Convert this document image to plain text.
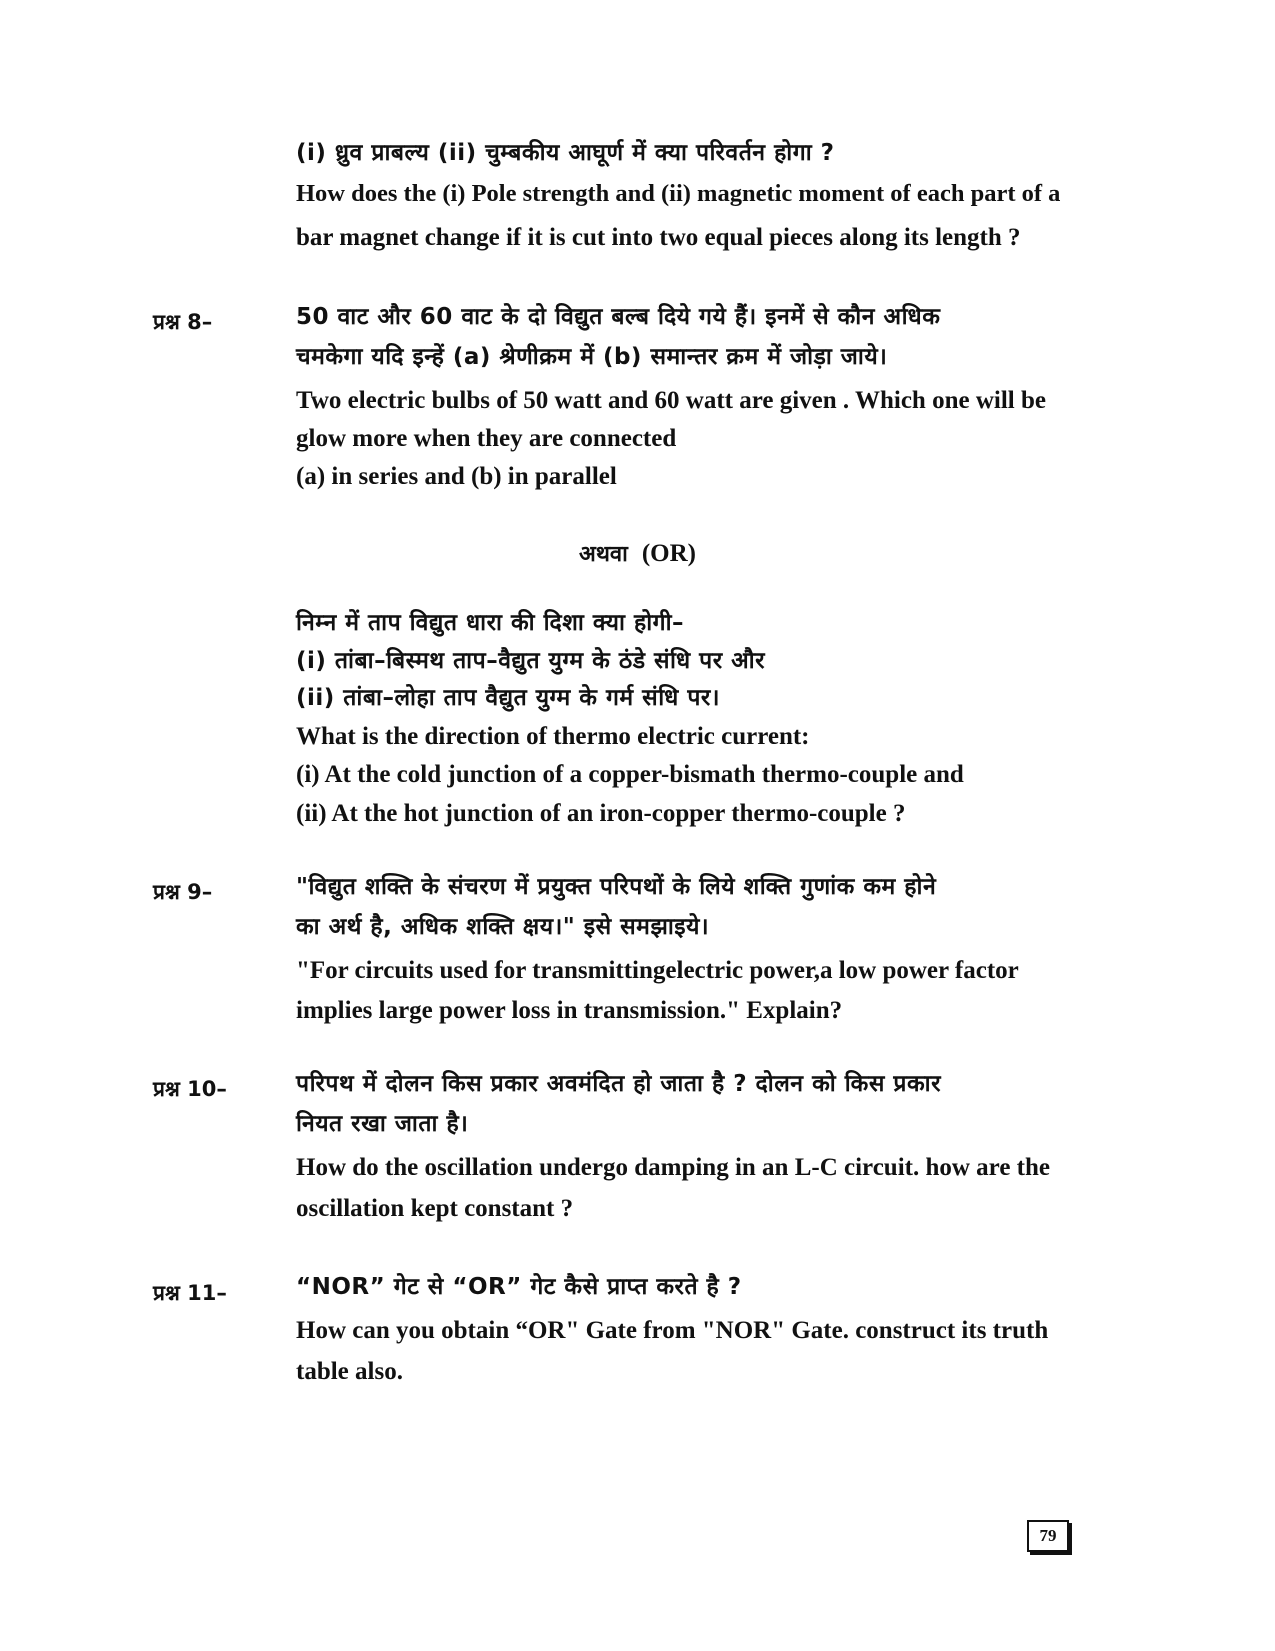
(i) ध्रुव प्राबल्य (ii) चुम्बकीय आघूर्ण में क्या परिवर्तन होगा ?
How does the (i) Pole strength and (ii) magnetic moment of each part of a
bar magnet change if it is cut into two equal pieces along its length ?
प्रश्न 8–	50 वाट और 60 वाट के दो विद्युत बल्ब दिये गये हैं। इनमें से कौन अधिक
चमकेगा यदि इन्हें (a) श्रेणीक्रम में (b) समान्तर क्रम में जोड़ा जाये।
Two electric bulbs of 50 watt and 60 watt are given . Which one will be
glow more when they are connected
(a) in series and (b) in parallel
अथवा (OR)
निम्न में ताप विद्युत धारा की दिशा क्या होगी–
(i) तांबा–बिस्मथ ताप–वैद्युत युग्म के ठंडे संधि पर और
(ii) तांबा–लोहा ताप वैद्युत युग्म के गर्म संधि पर।
What is the direction of thermo electric current:
(i) At the cold junction of a copper-bismath thermo-couple and
(ii) At the hot junction of an iron-copper thermo-couple ?
प्रश्न 9–	"विद्युत शक्ति के संचरण में प्रयुक्त परिपथों के लिये शक्ति गुणांक कम होने
का अर्थ है, अधिक शक्ति क्षय।" इसे समझाइये।
"For circuits used for transmittingelectric power,a low power factor
implies large power loss in transmission." Explain?
प्रश्न 10–	परिपथ में दोलन किस प्रकार अवमंदित हो जाता है ? दोलन को किस प्रकार
नियत रखा जाता है।
How do the oscillation undergo damping in an L-C circuit. how are the
oscillation kept constant ?
प्रश्न 11–	“NOR” गेट से “OR” गेट कैसे प्राप्त करते है ?
How can you obtain “OR" Gate from "NOR" Gate. construct its truth
table also.
79
